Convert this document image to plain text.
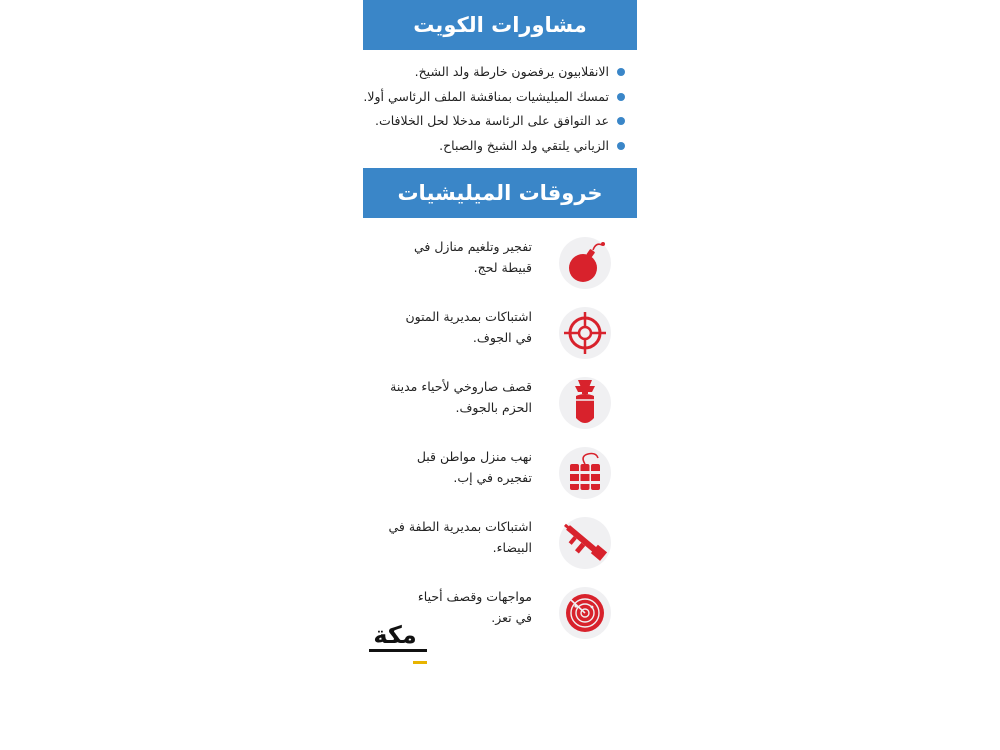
مشاورات الكويت
الانقلابيون يرفضون خارطة ولد الشيخ.
تمسك الميليشيات بمناقشة الملف الرئاسي أولا.
عد التوافق على الرئاسة مدخلا لحل الخلافات.
الزياني يلتقي ولد الشيخ والصباح.
خروقات الميليشيات
تفجير وتلغيم منازل في
قبيطة لحج.
اشتباكات بمديرية المتون
في الجوف.
قصف صاروخي لأحياء مدينة
الحزم بالجوف.
نهب منزل مواطن قبل
تفجيره في إب.
اشتباكات بمديرية الطفة في
البيضاء.
مواجهات وقصف أحياء
في تعز.
مكة
